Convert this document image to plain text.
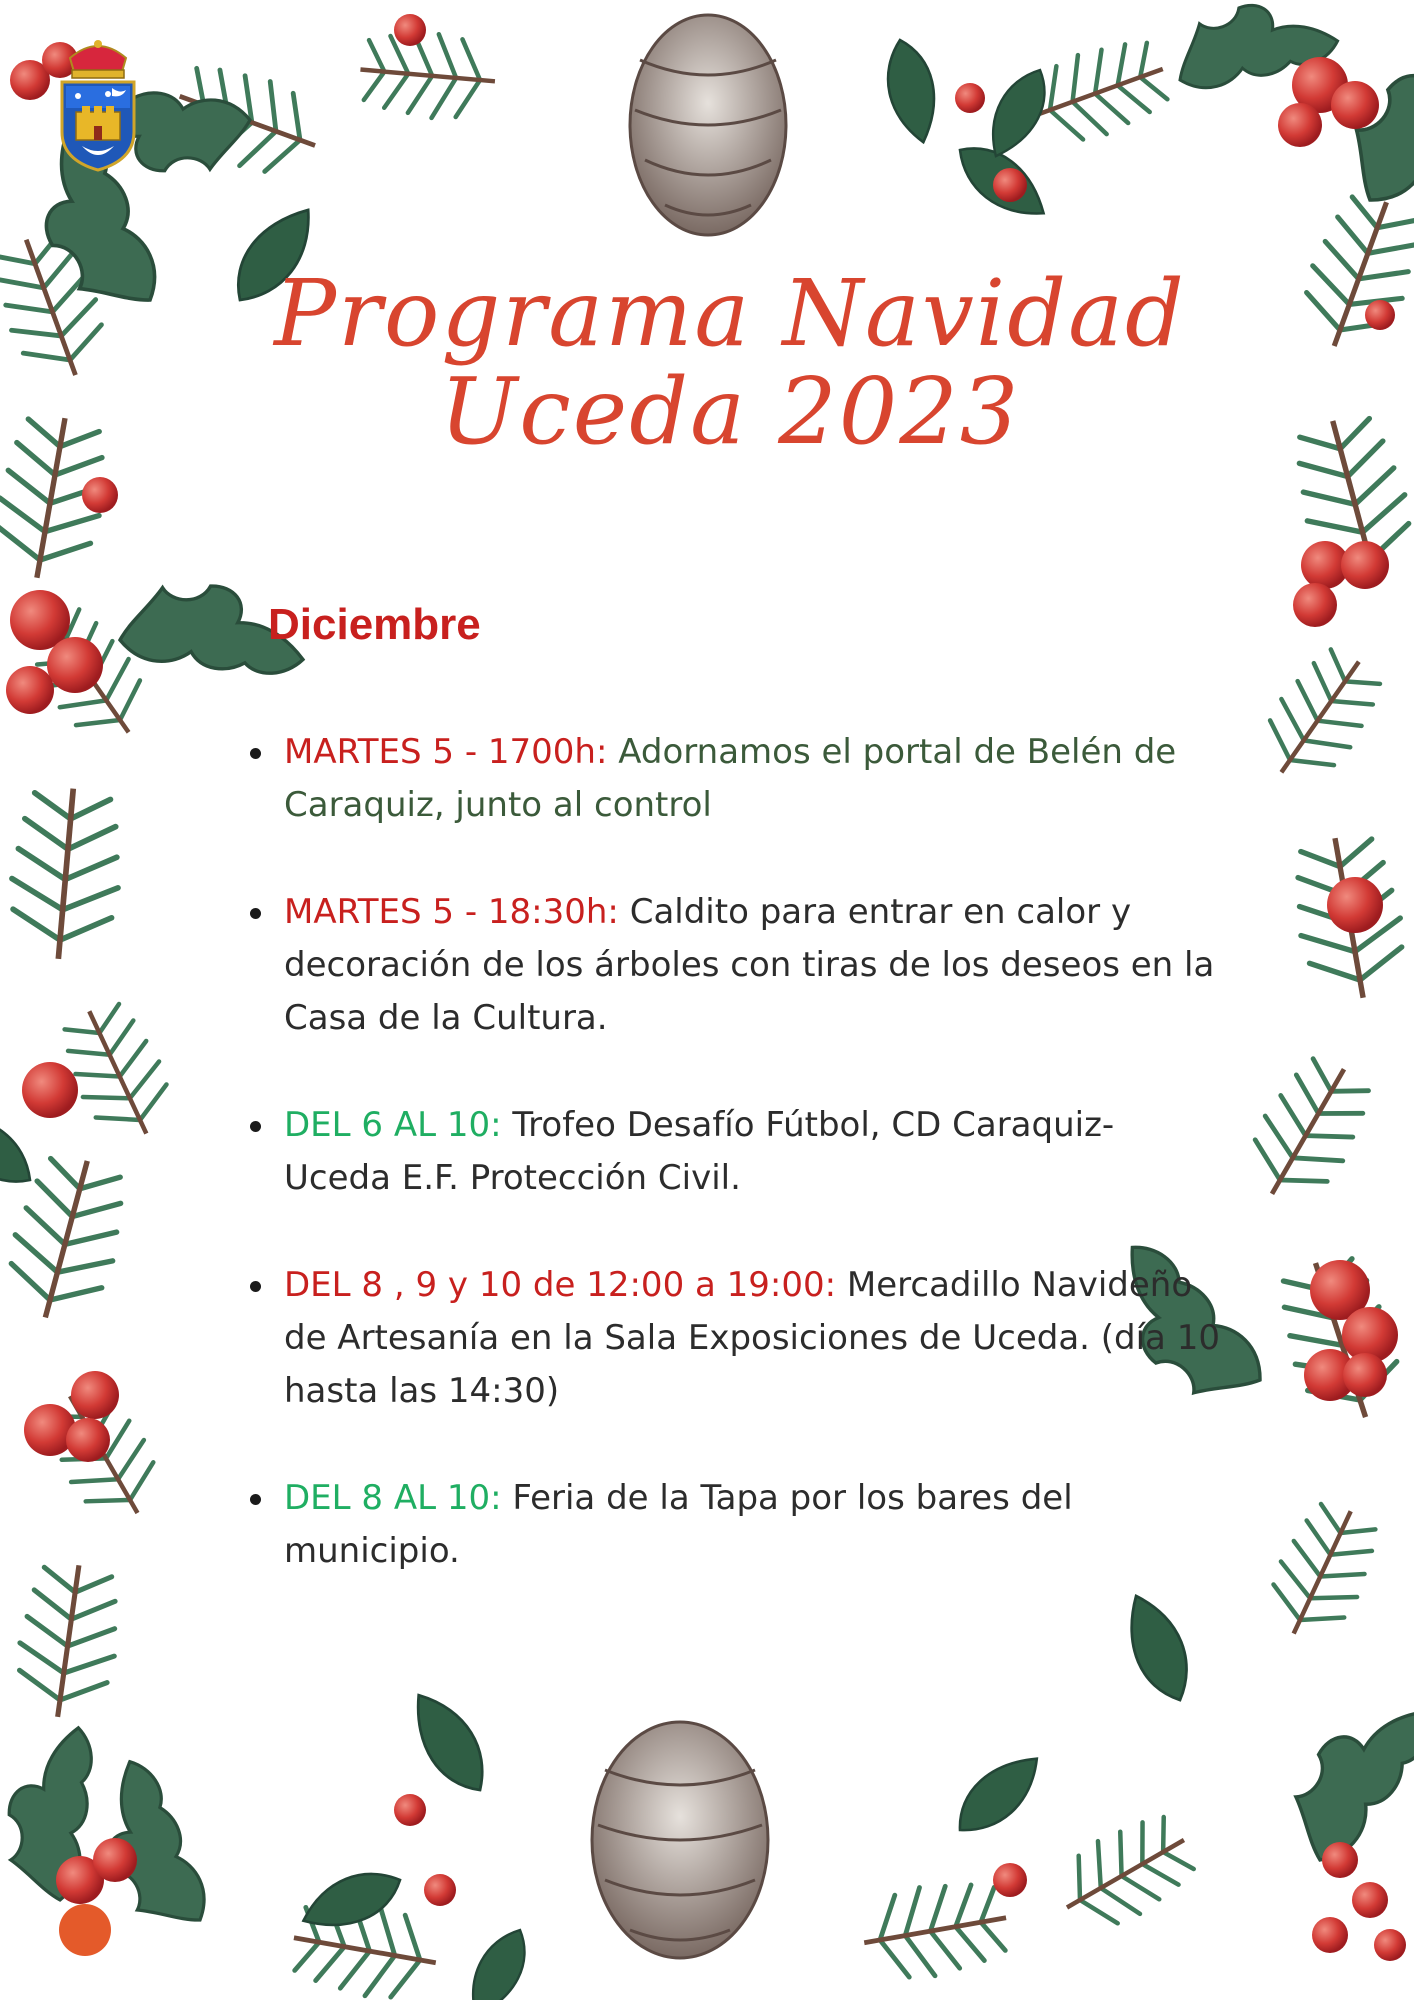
Programa Navidad
Uceda 2023
Diciembre
MARTES 5 - 1700h: Adornamos el portal de Belén de Caraquiz, junto al control
MARTES 5 - 18:30h: Caldito para entrar en calor y decoración de los árboles con tiras de los deseos en la Casa de la Cultura.
DEL 6 AL 10: Trofeo Desafío Fútbol, CD Caraquiz-Uceda E.F. Protección Civil.
DEL 8 , 9 y 10 de 12:00 a 19:00: Mercadillo Navideño de Artesanía en la Sala Exposiciones de Uceda. (día 10 hasta las 14:30)
DEL 8 AL 10: Feria de la Tapa por los bares del municipio.
